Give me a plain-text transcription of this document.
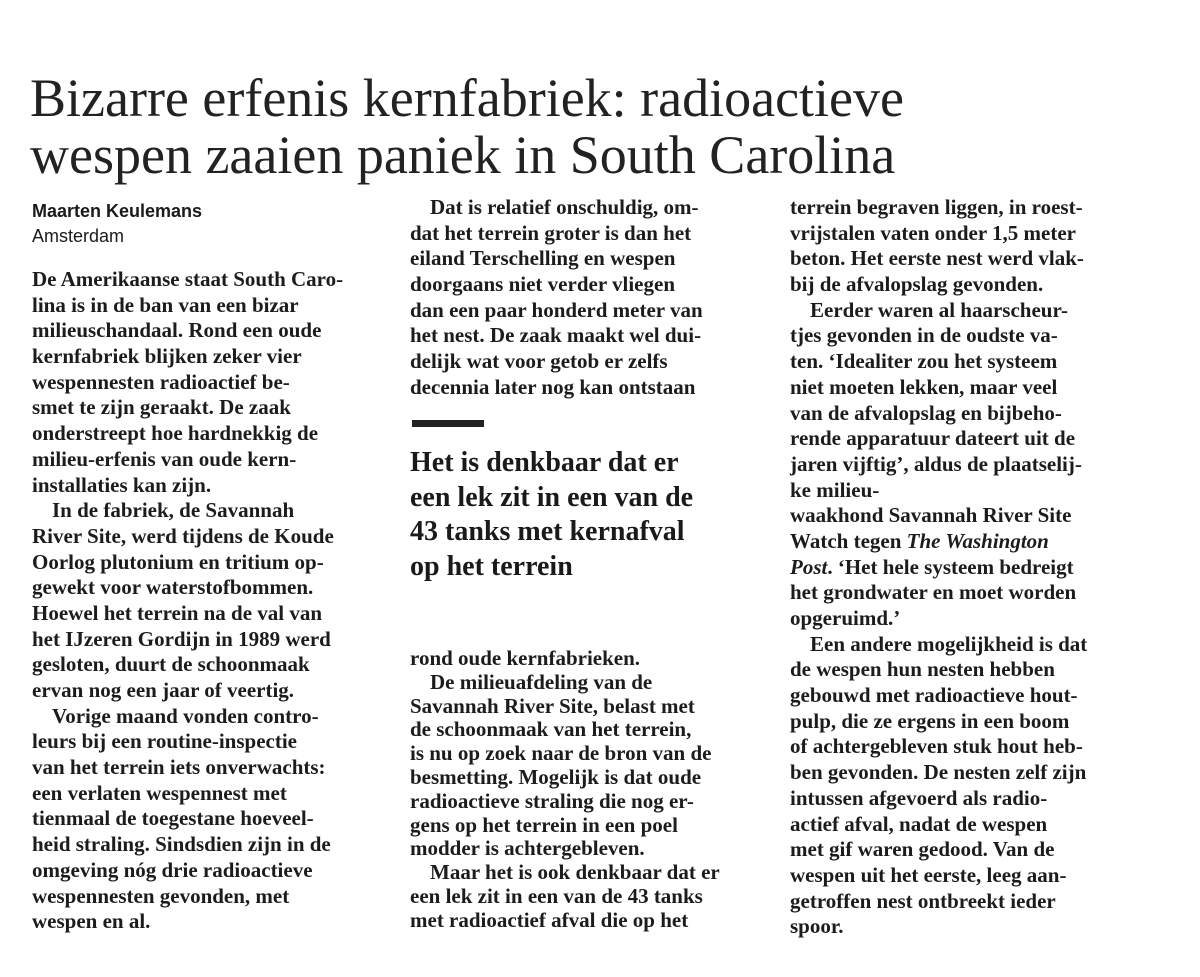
Bizarre erfenis kernfabriek: radioactieve
wespen zaaien paniek in South Carolina
Maarten Keulemans
Amsterdam
De Amerikaanse staat South Caro-
lina is in de ban van een bizar
milieuschandaal. Rond een oude
kernfabriek blijken zeker vier
wespennesten radioactief be-
smet te zijn geraakt. De zaak
onderstreept hoe hardnekkig de
milieu-erfenis van oude kern-
installaties kan zijn.
In de fabriek, de Savannah
River Site, werd tijdens de Koude
Oorlog plutonium en tritium op-
gewekt voor waterstofbommen.
Hoewel het terrein na de val van
het IJzeren Gordijn in 1989 werd
gesloten, duurt de schoonmaak
ervan nog een jaar of veertig.
Vorige maand vonden contro-
leurs bij een routine-inspectie
van het terrein iets onverwachts:
een verlaten wespennest met
tienmaal de toegestane hoeveel-
heid straling. Sindsdien zijn in de
omgeving nóg drie radioactieve
wespennesten gevonden, met
wespen en al.
Dat is relatief onschuldig, om-
dat het terrein groter is dan het
eiland Terschelling en wespen
doorgaans niet verder vliegen
dan een paar honderd meter van
het nest. De zaak maakt wel dui-
delijk wat voor getob er zelfs
decennia later nog kan ontstaan
Het is denkbaar dat er
een lek zit in een van de
43 tanks met kernafval
op het terrein
rond oude kernfabrieken.
De milieuafdeling van de
Savannah River Site, belast met
de schoonmaak van het terrein,
is nu op zoek naar de bron van de
besmetting. Mogelijk is dat oude
radioactieve straling die nog er-
gens op het terrein in een poel
modder is achtergebleven.
Maar het is ook denkbaar dat er
een lek zit in een van de 43 tanks
met radioactief afval die op het
terrein begraven liggen, in roest-
vrijstalen vaten onder 1,5 meter
beton. Het eerste nest werd vlak-
bij de afvalopslag gevonden.
Eerder waren al haarscheur-
tjes gevonden in de oudste va-
ten. ‘Idealiter zou het systeem
niet moeten lekken, maar veel
van de afvalopslag en bijbeho-
rende apparatuur dateert uit de
jaren vijftig’, aldus de plaatselij-
ke milieu-
waakhond Savannah River Site
Watch tegen The Washington
Post. ‘Het hele systeem bedreigt
het grondwater en moet worden
opgeruimd.’
Een andere mogelijkheid is dat
de wespen hun nesten hebben
gebouwd met radioactieve hout-
pulp, die ze ergens in een boom
of achtergebleven stuk hout heb-
ben gevonden. De nesten zelf zijn
intussen afgevoerd als radio-
actief afval, nadat de wespen
met gif waren gedood. Van de
wespen uit het eerste, leeg aan-
getroffen nest ontbreekt ieder
spoor.
